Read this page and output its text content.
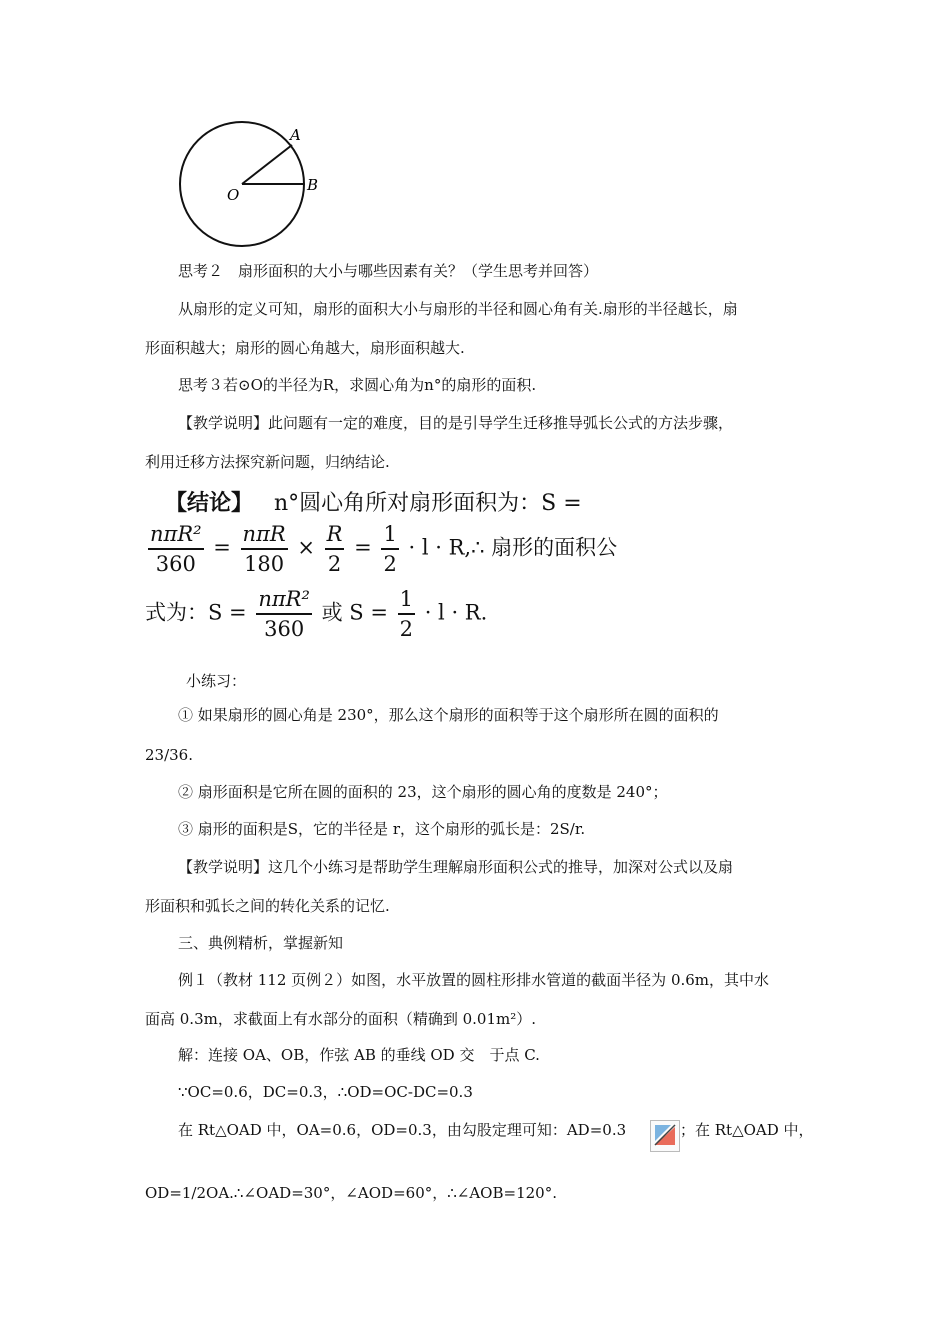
A
B
O
思考２　扇形面积的大小与哪些因素有关？（学生思考并回答）
从扇形的定义可知，扇形的面积大小与扇形的半径和圆心角有关.扇形的半径越长，扇
形面积越大；扇形的圆心角越大，扇形面积越大.
思考３若⊙O的半径为R，求圆心角为n°的扇形的面积.
【教学说明】此问题有一定的难度，目的是引导学生迁移推导弧长公式的方法步骤，
利用迁移方法探究新问题，归纳结论.
【结论】 n°圆心角所对扇形面积为：S =
$\frac{\text{nπR²}}{360} = \frac{\text{nπR}}{180} \times \frac{R}{2} = \frac{1}{2} \cdot l$ · R,∴ 扇形的面积公
式为：$S = \frac{\text{nπR²}}{360}$ 或 $S = \frac{1}{2} \cdot l \cdot R$.
小练习：
① 如果扇形的圆心角是 230°，那么这个扇形的面积等于这个扇形所在圆的面积的
23/36.
② 扇形面积是它所在圆的面积的 23，这个扇形的圆心角的度数是 240°；
③ 扇形的面积是S，它的半径是 r，这个扇形的弧长是：2S/r.
【教学说明】这几个小练习是帮助学生理解扇形面积公式的推导，加深对公式以及扇
形面积和弧长之间的转化关系的记忆.
三、典例精析，掌握新知
例１（教材 112 页例２）如图，水平放置的圆柱形排水管道的截面半径为 0.6m，其中水
面高 0.3m，求截面上有水部分的面积（精确到 0.01m²）.
解：连接 OA、OB，作弦 AB 的垂线 OD 交　于点 C.
∵OC=0.6，DC=0.3，∴OD=OC-DC=0.3
在 Rt△OAD 中，OA=0.6，OD=0.3，由勾股定理可知：AD=0.3	；在 Rt△OAD 中，
OD=1/2OA.∴∠OAD=30°，∠AOD=60°，∴∠AOB=120°.
